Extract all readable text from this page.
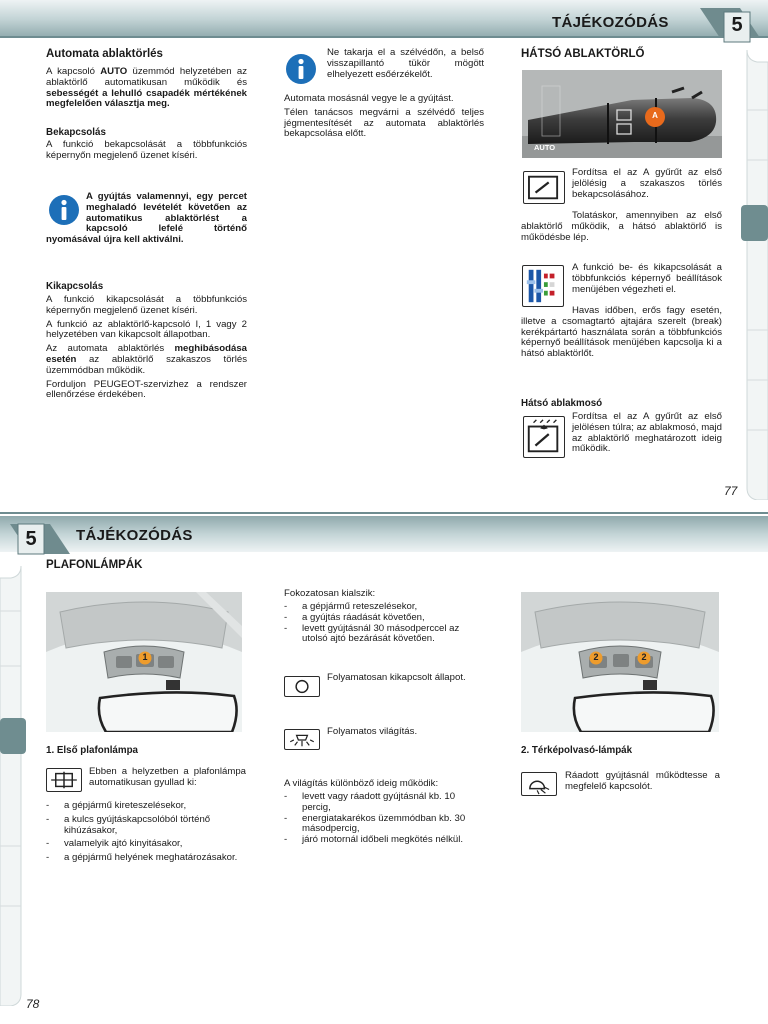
TÁJÉKOZÓDÁS	5
Automata ablaktörlés
A kapcsoló AUTO üzemmód helyzetében az ablaktörlő automatikusan működik és sebességét a lehulló csapadék mértékének megfelelően választja meg.
Bekapcsolás
A funkció bekapcsolását a többfunkciós képernyőn megjelenő üzenet kíséri.
A gyújtás valamennyi, egy percet meghaladó levételét követően az automatikus ablaktörlést a kapcsoló lefelé történő nyomásával újra kell aktiválni.
Kikapcsolás
A funkció kikapcsolását a többfunkciós képernyőn megjelenő üzenet kíséri.
A funkció az ablaktörlő-kapcsoló I, 1 vagy 2 helyzetében van kikapcsolt állapotban.
Az automata ablaktörlés meghibásodása esetén az ablaktörlő szakaszos törlés üzemmódban működik.
Forduljon PEUGEOT-szervizhez a rendszer ellenőrzése érdekében.
Ne takarja el a szélvédőn, a belső visszapillantó tükör mögött elhelyezett esőérzékelőt.
Automata mosásnál vegye le a gyújtást.
Télen tanácsos megvárni a szélvédő teljes jégmentesítését az automata ablaktörlés bekapcsolása előtt.
HÁTSÓ ABLAKTÖRLŐ
A
AUTO
Fordítsa el az A gyűrűt az első jelölésig a szakaszos törlés bekapcsolásához.
Tolatáskor, amennyiben az első ablaktörlő működik, a hátsó ablaktörlő is működésbe lép.
A funkció be- és kikapcsolását a többfunkciós képernyő beállítások menüjében végezheti el.
Havas időben, erős fagy esetén, illetve a csomagtartó ajtajára szerelt (break) kerékpártartó használata során a többfunkciós képernyő beállítások menüjében kapcsolja ki a hátsó ablaktörlőt.
Hátsó ablakmosó
Fordítsa el az A gyűrűt az első jelölésen túlra; az ablakmosó, majd az ablaktörlő meghatározott ideig működik.
77
5	TÁJÉKOZÓDÁS
PLAFONLÁMPÁK
1
1. Első plafonlámpa
Ebben a helyzetben a plafonlámpa automatikusan gyullad ki:
- a gépjármű kireteszelésekor,
- a kulcs gyújtáskapcsolóból történő kihúzásakor,
- valamelyik ajtó kinyitásakor,
- a gépjármű helyének meghatározásakor.
Fokozatosan kialszik:
- a gépjármű reteszelésekor,
- a gyújtás ráadását követően,
- levett gyújtásnál 30 másodperccel az utolsó ajtó bezárását követően.
Folyamatosan kikapcsolt állapot.
Folyamatos világítás.
A világítás különböző ideig működik:
- levett vagy ráadott gyújtásnál kb. 10 percig,
- energiatakarékos üzemmódban kb. 30 másodpercig,
- járó motornál időbeli megkötés nélkül.
2	2
2. Térképolvasó-lámpák
Ráadott gyújtásnál működtesse a megfelelő kapcsolót.
78
